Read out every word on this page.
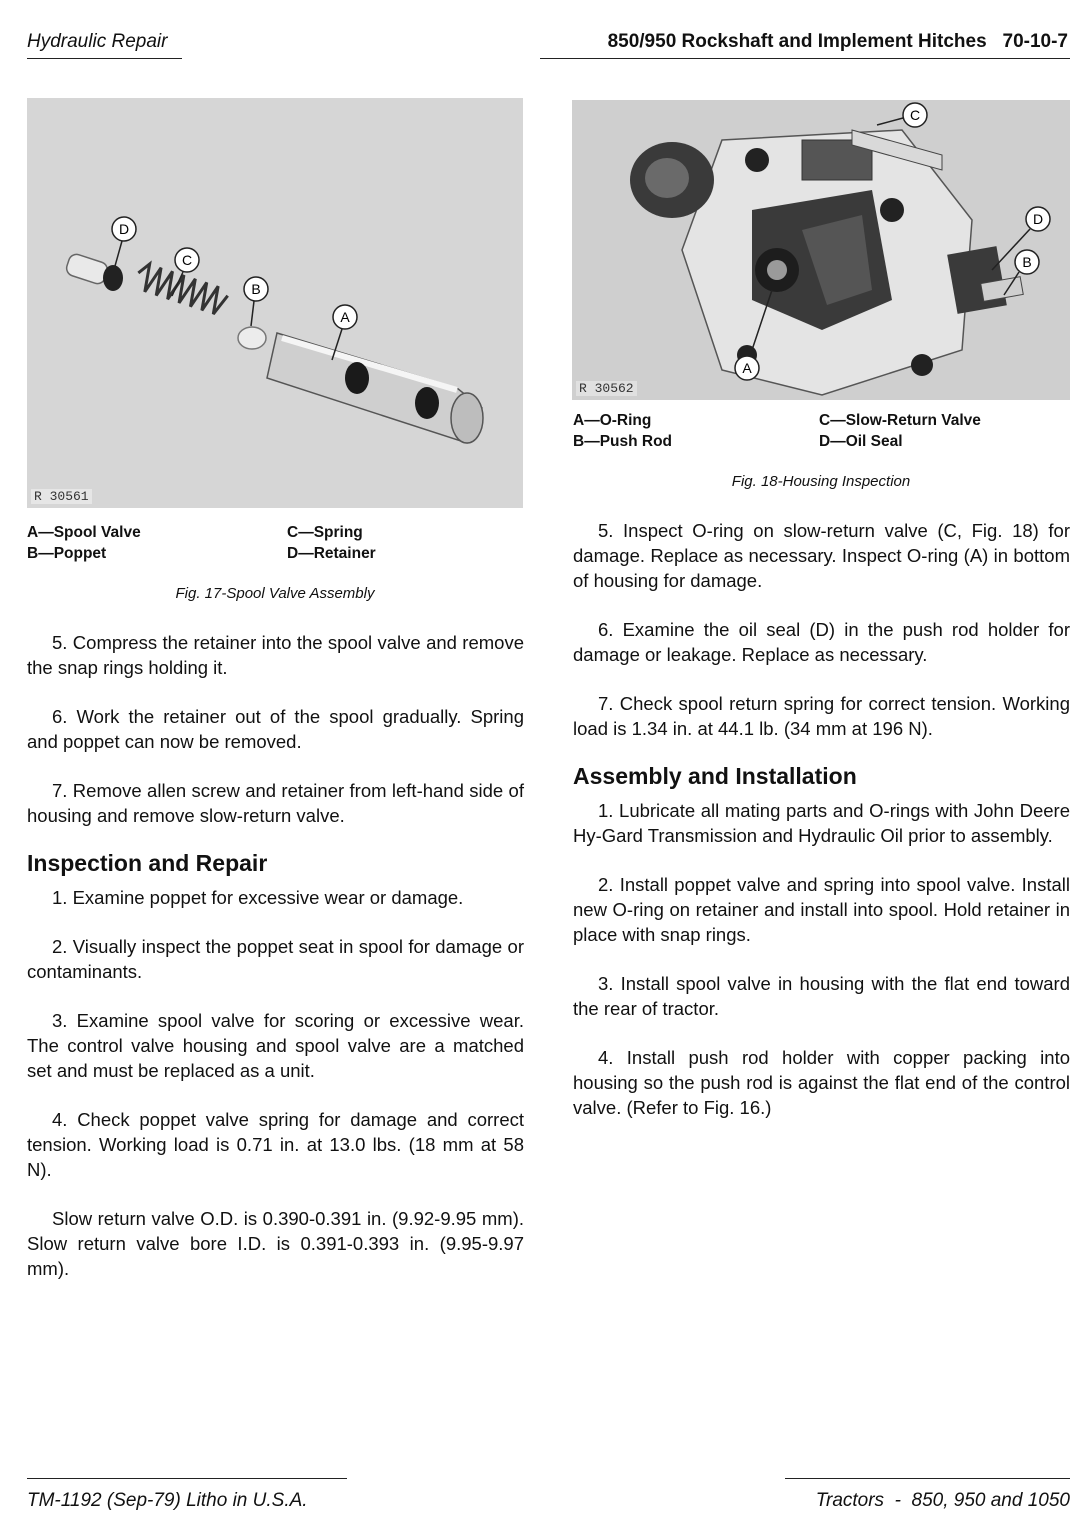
Hydraulic Repair	850/950 Rockshaft and Implement Hitches   70-10-7
D
C
B
A
R 30561
A—Spool Valve
B—Poppet
C—Spring
D—Retainer
Fig. 17-Spool Valve Assembly

5. Compress the retainer into the spool valve and remove the snap rings holding it.

6. Work the retainer out of the spool gradually. Spring and poppet can now be removed.

7. Remove allen screw and retainer from left-hand side of housing and remove slow-return valve.

Inspection and Repair

1. Examine poppet for excessive wear or damage.

2. Visually inspect the poppet seat in spool for damage or contaminants.

3. Examine spool valve for scoring or excessive wear. The control valve housing and spool valve are a matched set and must be replaced as a unit.

4. Check poppet valve spring for damage and correct tension. Working load is 0.71 in. at 13.0 lbs. (18 mm at 58 N).

Slow return valve O.D. is 0.390-0.391 in. (9.92-9.95 mm). Slow return valve bore I.D. is 0.391-0.393 in. (9.95-9.97 mm).

C
D
B
A
R 30562
A—O-Ring
B—Push Rod
C—Slow-Return Valve
D—Oil Seal
Fig. 18-Housing Inspection

5. Inspect O-ring on slow-return valve (C, Fig. 18) for damage. Replace as necessary. Inspect O-ring (A) in bottom of housing for damage.

6. Examine the oil seal (D) in the push rod holder for damage or leakage. Replace as necessary.

7. Check spool return spring for correct tension. Working load is 1.34 in. at 44.1 lb. (34 mm at 196 N).

Assembly and Installation

1. Lubricate all mating parts and O-rings with John Deere Hy-Gard Transmission and Hydraulic Oil prior to assembly.

2. Install poppet valve and spring into spool valve. Install new O-ring on retainer and install into spool. Hold retainer in place with snap rings.

3. Install spool valve in housing with the flat end toward the rear of tractor.

4. Install push rod holder with copper packing into housing so the push rod is against the flat end of the control valve. (Refer to Fig. 16.)

TM-1192 (Sep-79) Litho in U.S.A.	Tractors  -  850, 950 and 1050
